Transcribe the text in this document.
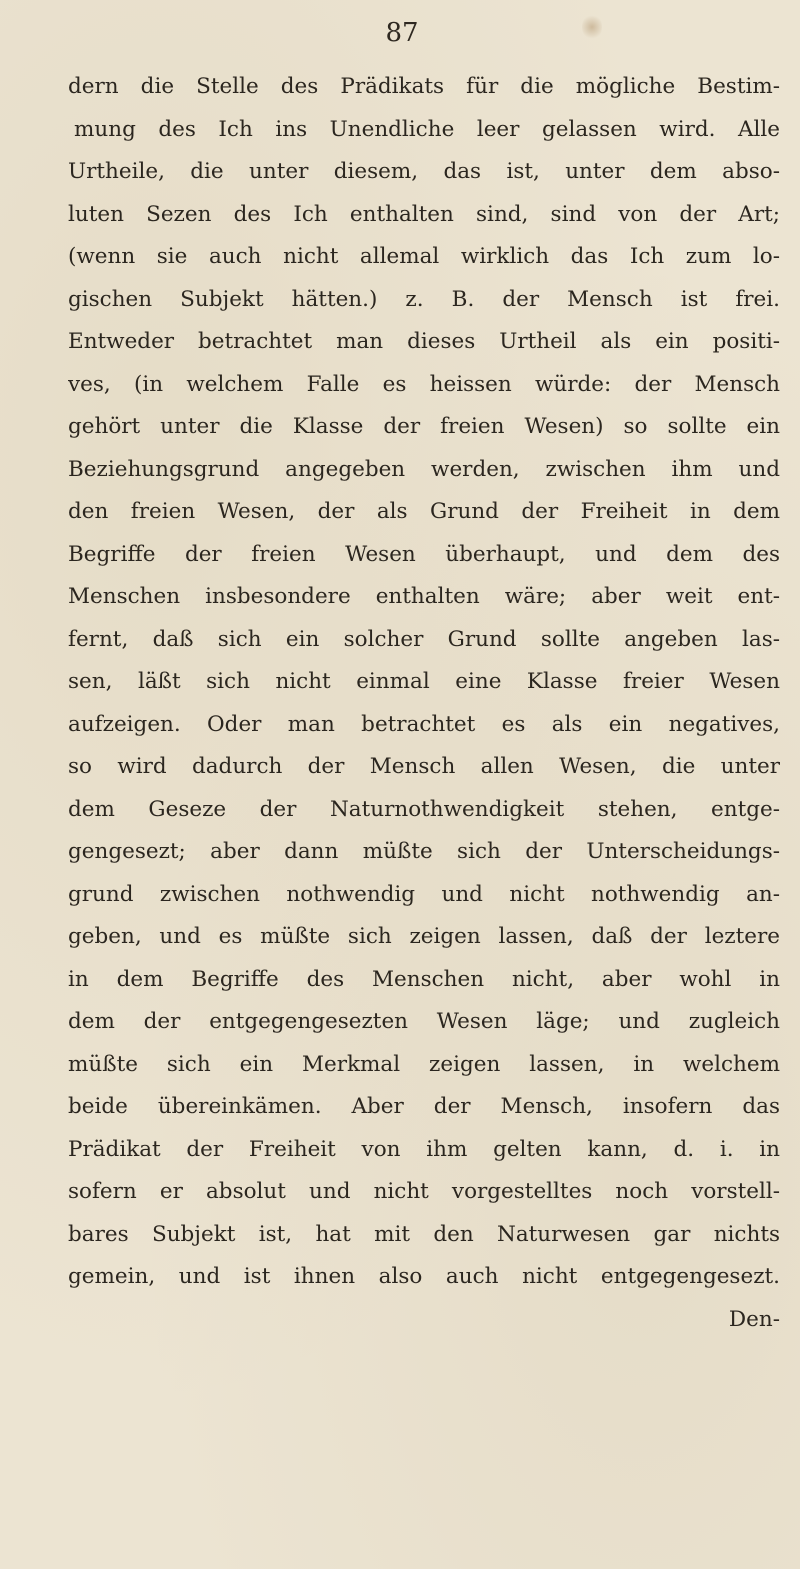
87
dern die Stelle des Prädikats für die mögliche Bestim-
mung des Ich ins Unendliche leer gelassen wird. Alle
Urtheile, die unter diesem, das ist, unter dem abso-
luten Sezen des Ich enthalten sind, sind von der Art;
(wenn sie auch nicht allemal wirklich das Ich zum lo-
gischen Subjekt hätten.) z. B. der Mensch ist frei.
Entweder betrachtet man dieses Urtheil als ein positi-
ves, (in welchem Falle es heissen würde: der Mensch
gehört unter die Klasse der freien Wesen) so sollte ein
Beziehungsgrund angegeben werden, zwischen ihm und
den freien Wesen, der als Grund der Freiheit in dem
Begriffe der freien Wesen überhaupt, und dem des
Menschen insbesondere enthalten wäre; aber weit ent-
fernt, daß sich ein solcher Grund sollte angeben las-
sen, läßt sich nicht einmal eine Klasse freier Wesen
aufzeigen. Oder man betrachtet es als ein negatives,
so wird dadurch der Mensch allen Wesen, die unter
dem Geseze der Naturnothwendigkeit stehen, entge-
gengesezt; aber dann müßte sich der Unterscheidungs-
grund zwischen nothwendig und nicht nothwendig an-
geben, und es müßte sich zeigen lassen, daß der leztere
in dem Begriffe des Menschen nicht, aber wohl in
dem der entgegengesezten Wesen läge; und zugleich
müßte sich ein Merkmal zeigen lassen, in welchem
beide übereinkämen. Aber der Mensch, insofern das
Prädikat der Freiheit von ihm gelten kann, d. i. in
sofern er absolut und nicht vorgestelltes noch vorstell-
bares Subjekt ist, hat mit den Naturwesen gar nichts
gemein, und ist ihnen also auch nicht entgegengesezt.
Den-
